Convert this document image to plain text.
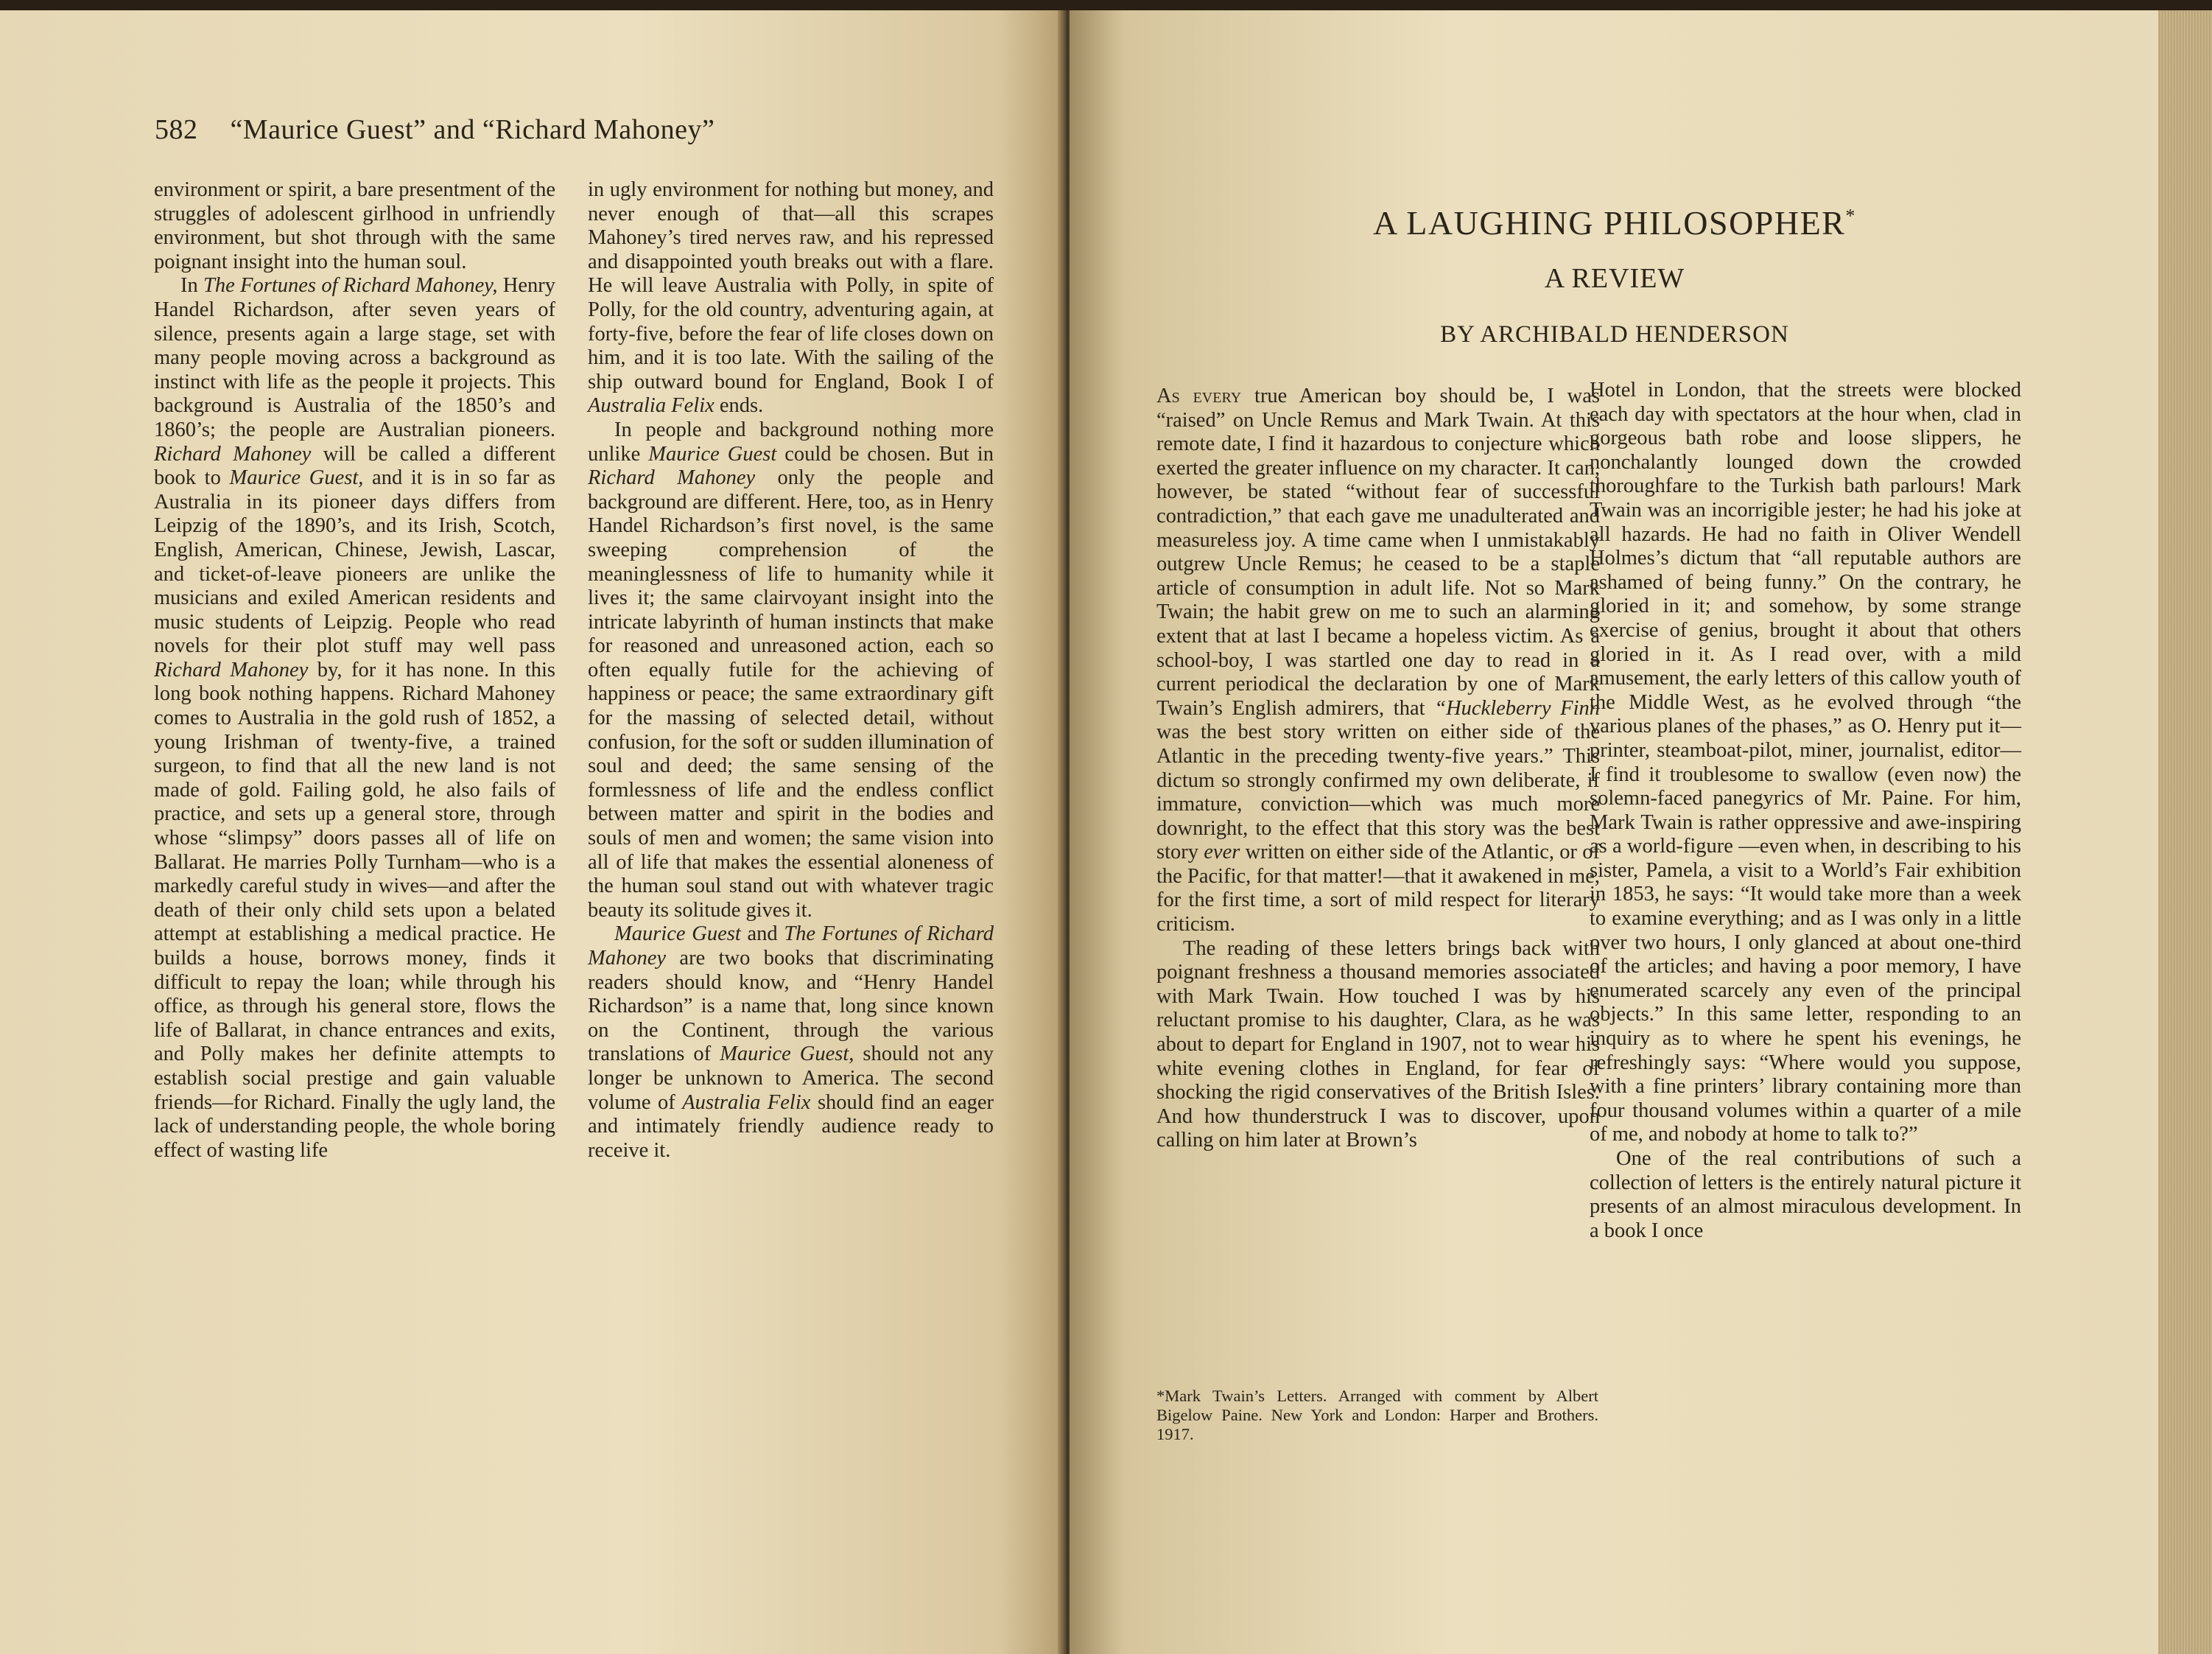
582 “Maurice Guest” and “Richard Mahoney”

environment or spirit, a bare presentment of the struggles of adolescent girlhood in unfriendly environment, but shot through with the same poignant insight into the human soul.

In The Fortunes of Richard Mahoney, Henry Handel Richardson, after seven years of silence, presents again a large stage, set with many people moving across a background as instinct with life as the people it projects. This background is Australia of the 1850’s and 1860’s; the people are Australian pioneers. Richard Mahoney will be called a different book to Maurice Guest, and it is in so far as Australia in its pioneer days differs from Leipzig of the 1890’s, and its Irish, Scotch, English, American, Chinese, Jewish, Lascar, and ticket-of-leave pioneers are unlike the musicians and exiled American residents and music students of Leipzig. People who read novels for their plot stuff may well pass Richard Mahoney by, for it has none. In this long book nothing happens. Richard Mahoney comes to Australia in the gold rush of 1852, a young Irishman of twenty-five, a trained surgeon, to find that all the new land is not made of gold. Failing gold, he also fails of practice, and sets up a general store, through whose “slimpsy” doors passes all of life on Ballarat. He marries Polly Turnham—who is a markedly careful study in wives—and after the death of their only child sets upon a belated attempt at establishing a medical practice. He builds a house, borrows money, finds it difficult to repay the loan; while through his office, as through his general store, flows the life of Ballarat, in chance entrances and exits, and Polly makes her definite attempts to establish social prestige and gain valuable friends—for Richard. Finally the ugly land, the lack of understanding people, the whole boring effect of wasting life

in ugly environment for nothing but money, and never enough of that—all this scrapes Mahoney’s tired nerves raw, and his repressed and disappointed youth breaks out with a flare. He will leave Australia with Polly, in spite of Polly, for the old country, adventuring again, at forty-five, before the fear of life closes down on him, and it is too late. With the sailing of the ship outward bound for England, Book I of Australia Felix ends.

In people and background nothing more unlike Maurice Guest could be chosen. But in Richard Mahoney only the people and background are different. Here, too, as in Henry Handel Richardson’s first novel, is the same sweeping comprehension of the meaninglessness of life to humanity while it lives it; the same clairvoyant insight into the intricate labyrinth of human instincts that make for reasoned and unreasoned action, each so often equally futile for the achieving of happiness or peace; the same extraordinary gift for the massing of selected detail, without confusion, for the soft or sudden illumination of soul and deed; the same sensing of the formlessness of life and the endless conflict between matter and spirit in the bodies and souls of men and women; the same vision into all of life that makes the essential aloneness of the human soul stand out with whatever tragic beauty its solitude gives it.

Maurice Guest and The Fortunes of Richard Mahoney are two books that discriminating readers should know, and “Henry Handel Richardson” is a name that, long since known on the Continent, through the various translations of Maurice Guest, should not any longer be unknown to America. The second volume of Australia Felix should find an eager and intimately friendly audience ready to receive it.

A LAUGHING PHILOSOPHER*
A REVIEW
BY ARCHIBALD HENDERSON

As every true American boy should be, I was “raised” on Uncle Remus and Mark Twain. At this remote date, I find it hazardous to conjecture which exerted the greater influence on my character. It can, however, be stated “without fear of successful contradiction,” that each gave me unadulterated and measureless joy. A time came when I unmistakably outgrew Uncle Remus; he ceased to be a staple article of consumption in adult life. Not so Mark Twain; the habit grew on me to such an alarming extent that at last I became a hopeless victim. As a school-boy, I was startled one day to read in a current periodical the declaration by one of Mark Twain’s English admirers, that “Huckleberry Finn was the best story written on either side of the Atlantic in the preceding twenty-five years.” This dictum so strongly confirmed my own deliberate, if immature, conviction—which was much more downright, to the effect that this story was the best story ever written on either side of the Atlantic, or of the Pacific, for that matter!—that it awakened in me, for the first time, a sort of mild respect for literary criticism.

The reading of these letters brings back with poignant freshness a thousand memories associated with Mark Twain. How touched I was by his reluctant promise to his daughter, Clara, as he was about to depart for England in 1907, not to wear his white evening clothes in England, for fear of shocking the rigid conservatives of the British Isles. And how thunderstruck I was to discover, upon calling on him later at Brown’s

Hotel in London, that the streets were blocked each day with spectators at the hour when, clad in gorgeous bath robe and loose slippers, he nonchalantly lounged down the crowded thoroughfare to the Turkish bath parlours! Mark Twain was an incorrigible jester; he had his joke at all hazards. He had no faith in Oliver Wendell Holmes’s dictum that “all reputable authors are ashamed of being funny.” On the contrary, he gloried in it; and somehow, by some strange exercise of genius, brought it about that others gloried in it. As I read over, with a mild amusement, the early letters of this callow youth of the Middle West, as he evolved through “the various planes of the phases,” as O. Henry put it—printer, steamboat-pilot, miner, journalist, editor—I find it troublesome to swallow (even now) the solemn-faced panegyrics of Mr. Paine. For him, Mark Twain is rather oppressive and awe-inspiring as a world-figure —even when, in describing to his sister, Pamela, a visit to a World’s Fair exhibition in 1853, he says: “It would take more than a week to examine everything; and as I was only in a little over two hours, I only glanced at about one-third of the articles; and having a poor memory, I have enumerated scarcely any even of the principal objects.” In this same letter, responding to an inquiry as to where he spent his evenings, he refreshingly says: “Where would you suppose, with a fine printers’ library containing more than four thousand volumes within a quarter of a mile of me, and nobody at home to talk to?”

One of the real contributions of such a collection of letters is the entirely natural picture it presents of an almost miraculous development. In a book I once

*Mark Twain’s Letters. Arranged with comment by Albert Bigelow Paine. New York and London: Harper and Brothers. 1917.
